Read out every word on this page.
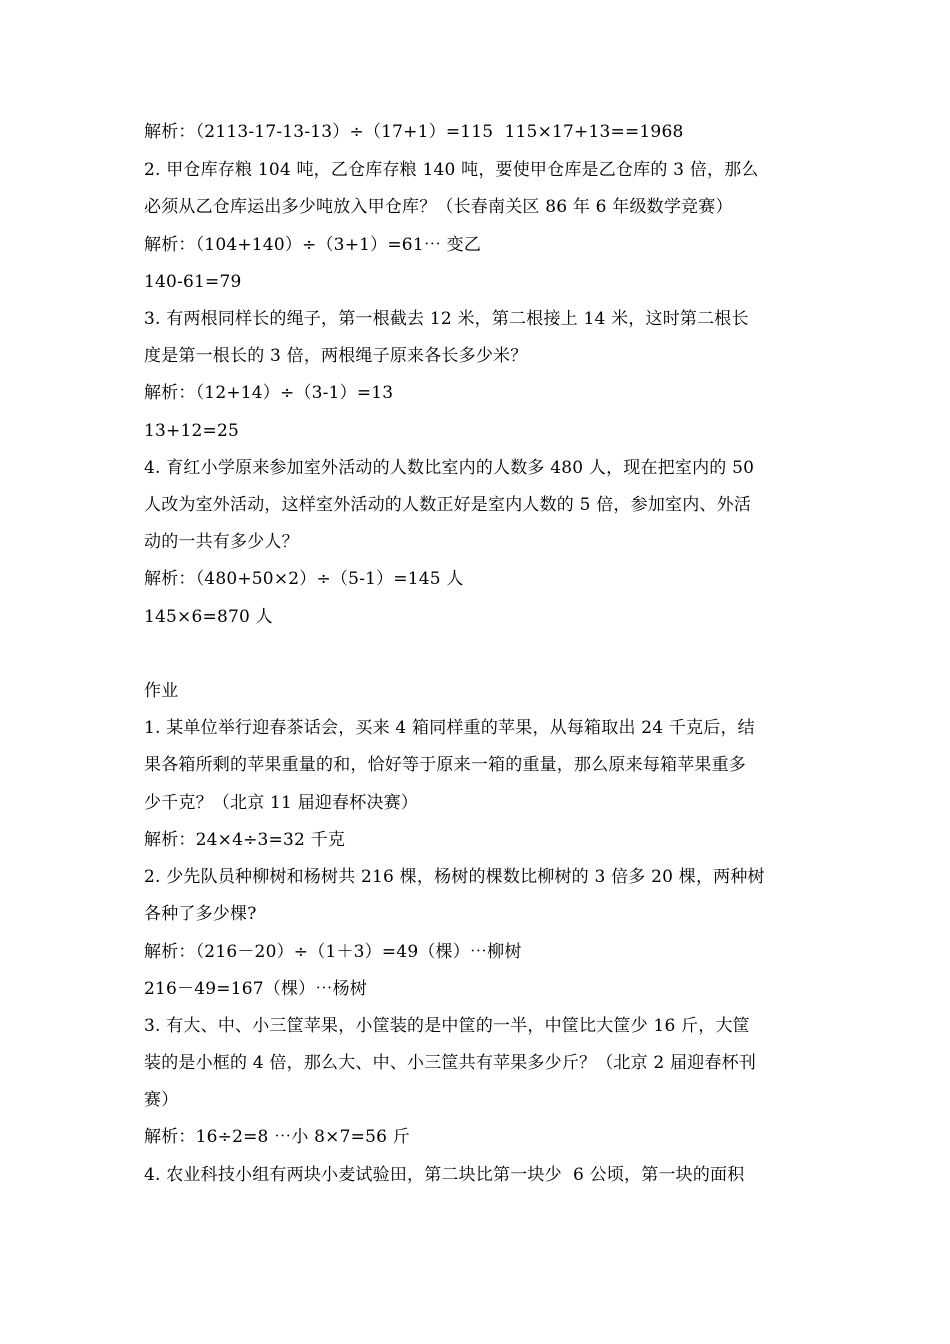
解析：（2113-17-13-13）÷（17+1）=115  115×17+13==1968
2. 甲仓库存粮 104 吨，乙仓库存粮 140 吨，要使甲仓库是乙仓库的 3 倍，那么
必须从乙仓库运出多少吨放入甲仓库？（长春南关区 86 年 6 年级数学竞赛）
解析：（104+140）÷（3+1）=61⋯ 变乙
140-61=79
3. 有两根同样长的绳子，第一根截去 12 米，第二根接上 14 米，这时第二根长
度是第一根长的 3 倍，两根绳子原来各长多少米？
解析：（12+14）÷（3-1）=13
13+12=25
4. 育红小学原来参加室外活动的人数比室内的人数多 480 人，现在把室内的 50
人改为室外活动，这样室外活动的人数正好是室内人数的 5 倍，参加室内、外活
动的一共有多少人？
解析：（480+50×2）÷（5-1）=145 人
145×6=870 人
作业
1. 某单位举行迎春茶话会，买来 4 箱同样重的苹果，从每箱取出 24 千克后，结
果各箱所剩的苹果重量的和，恰好等于原来一箱的重量，那么原来每箱苹果重多
少千克？（北京 11 届迎春杯决赛）
解析：24×4÷3=32 千克
2. 少先队员种柳树和杨树共 216 棵，杨树的棵数比柳树的 3 倍多 20 棵，两种树
各种了多少棵?
解析：（216－20）÷（1＋3）=49（棵）⋯柳树
216－49=167（棵）⋯杨树
3. 有大、中、小三筐苹果，小筐装的是中筐的一半，中筐比大筐少 16 斤，大筐
装的是小框的 4 倍，那么大、中、小三筐共有苹果多少斤？（北京 2 届迎春杯刊
赛）
解析：16÷2=8 ⋯小 8×7=56 斤
4. 农业科技小组有两块小麦试验田，第二块比第一块少  6 公顷，第一块的面积
